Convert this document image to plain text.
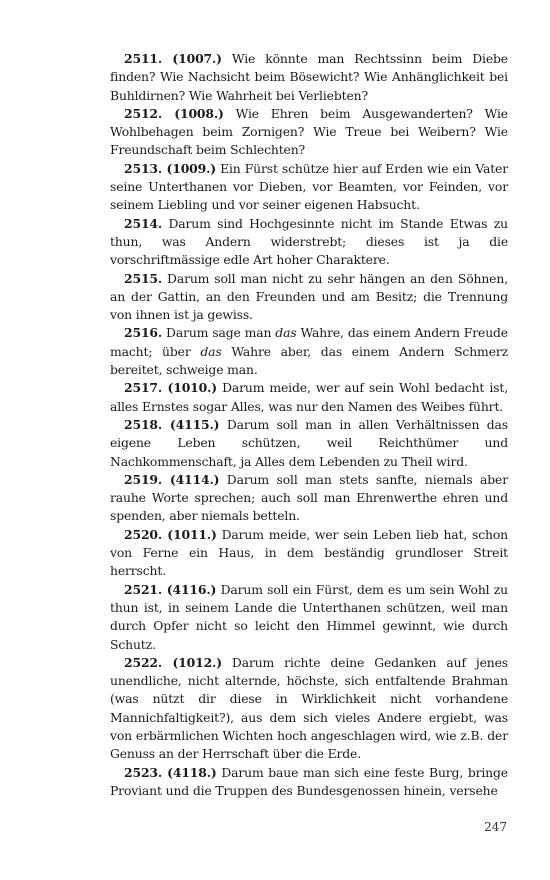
2511. (1007.) Wie könnte man Rechtssinn beim Diebe finden? Wie Nachsicht beim Bösewicht? Wie Anhänglichkeit bei Buhldirnen? Wie Wahrheit bei Verliebten?

2512. (1008.) Wie Ehren beim Ausgewanderten? Wie Wohlbehagen beim Zornigen? Wie Treue bei Weibern? Wie Freundschaft beim Schlechten?

2513. (1009.) Ein Fürst schütze hier auf Erden wie ein Vater seine Unterthanen vor Dieben, vor Beamten, vor Feinden, vor seinem Liebling und vor seiner eigenen Habsucht.

2514. Darum sind Hochgesinnte nicht im Stande Etwas zu thun, was Andern widerstrebt; dieses ist ja die vorschriftmässige edle Art hoher Charaktere.

2515. Darum soll man nicht zu sehr hängen an den Söhnen, an der Gattin, an den Freunden und am Besitz; die Trennung von ihnen ist ja gewiss.

2516. Darum sage man das Wahre, das einem Andern Freude macht; über das Wahre aber, das einem Andern Schmerz bereitet, schweige man.

2517. (1010.) Darum meide, wer auf sein Wohl bedacht ist, alles Ernstes sogar Alles, was nur den Namen des Weibes führt.

2518. (4115.) Darum soll man in allen Verhältnissen das eigene Leben schützen, weil Reichthümer und Nachkommenschaft, ja Alles dem Lebenden zu Theil wird.

2519. (4114.) Darum soll man stets sanfte, niemals aber rauhe Worte sprechen; auch soll man Ehrenwerthe ehren und spenden, aber niemals betteln.

2520. (1011.) Darum meide, wer sein Leben lieb hat, schon von Ferne ein Haus, in dem beständig grundloser Streit herrscht.

2521. (4116.) Darum soll ein Fürst, dem es um sein Wohl zu thun ist, in seinem Lande die Unterthanen schützen, weil man durch Opfer nicht so leicht den Himmel gewinnt, wie durch Schutz.

2522. (1012.) Darum richte deine Gedanken auf jenes unendliche, nicht alternde, höchste, sich entfaltende Brahman (was nützt dir diese in Wirklichkeit nicht vorhandene Mannichfaltigkeit?), aus dem sich vieles Andere ergiebt, was von erbärmlichen Wichten hoch angeschlagen wird, wie z.B. der Genuss an der Herrschaft über die Erde.

2523. (4118.) Darum baue man sich eine feste Burg, bringe Proviant und die Truppen des Bundesgenossen hinein, versehe

247
